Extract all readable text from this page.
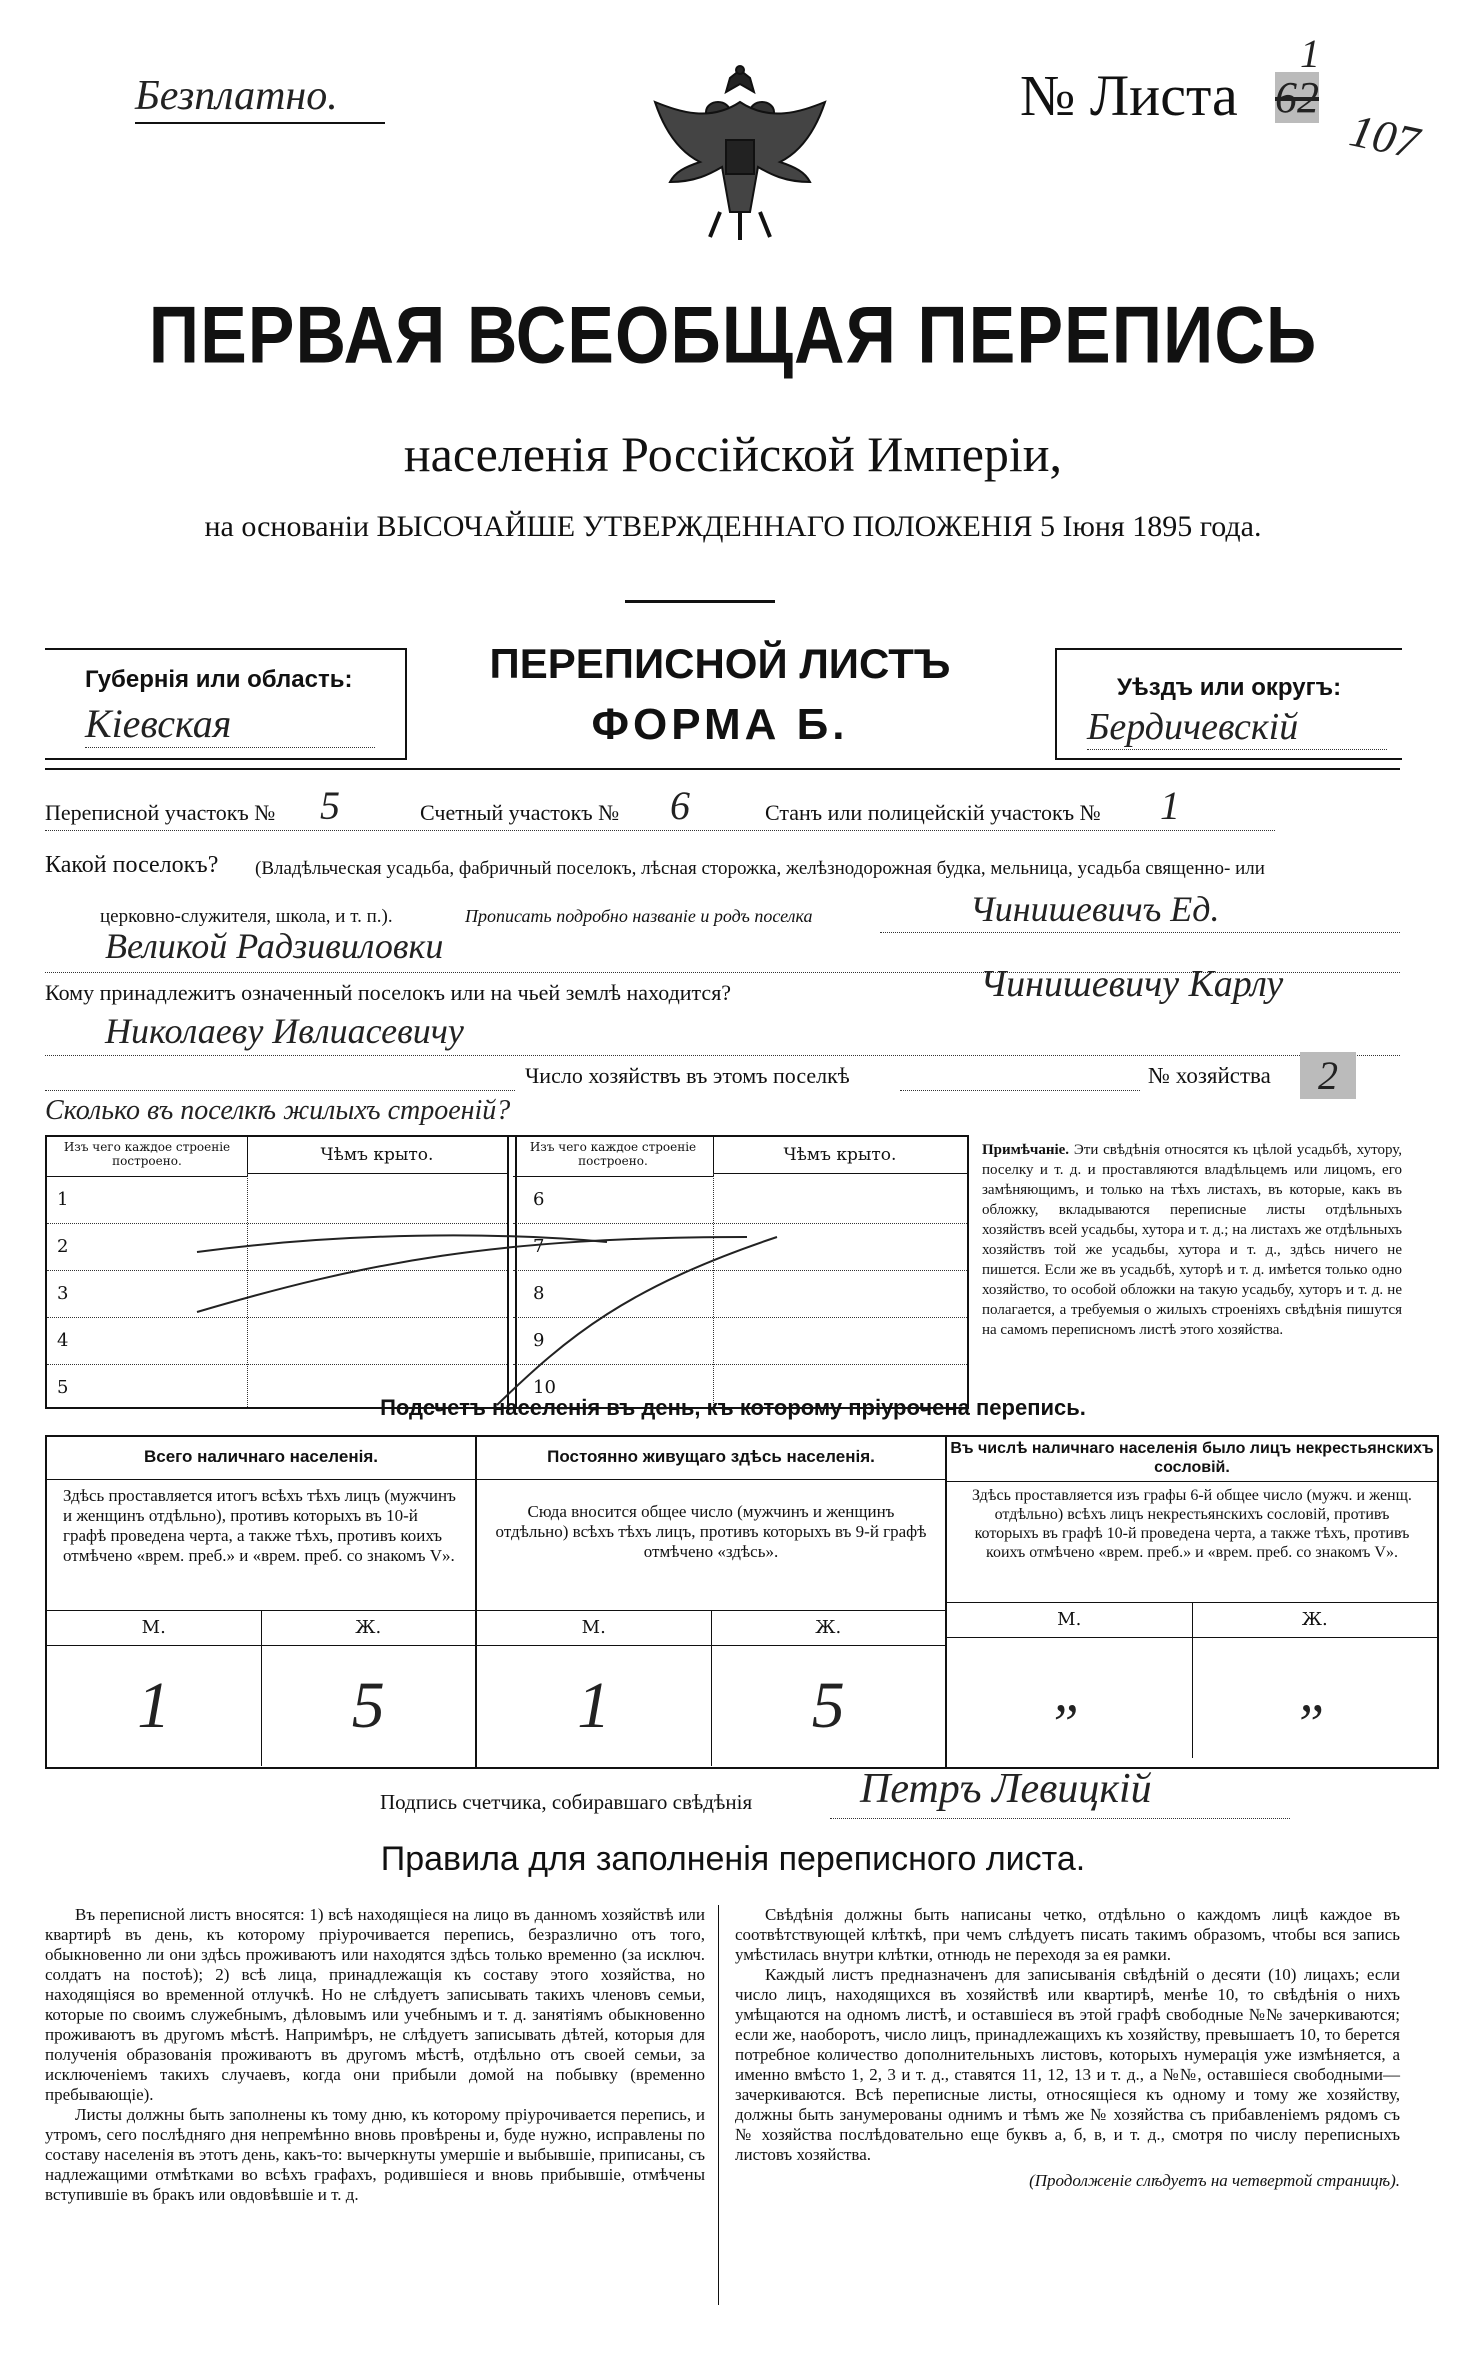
Безплатно.	№ Листа 62
107
1
ПЕРВАЯ ВСЕОБЩАЯ ПЕРЕПИСЬ
населенія Россійской Имперіи,
на основаніи ВЫСОЧАЙШЕ УТВЕРЖДЕННАГО ПОЛОЖЕНІЯ 5 Іюня 1895 года.
Губернія или область:
Кіевская
ПЕРЕПИСНОЙ ЛИСТЪ
ФОРМА Б.
Уѣздъ или округъ:
Бердичевскій
Переписной участокъ № 5	Счетный участокъ № 6	Станъ или полицейскій участокъ № 1
Какой поселокъ? (Владѣльческая усадьба, фабричный поселокъ, лѣсная сторожка, желѣзнодорожная будка, мельница, усадьба священно- или
церковно-служителя, школа, и т. п.).	Прописать подробно названіе и родъ поселка	Чинишевичъ Ед.
Великой Радзивиловки
Кому принадлежитъ означенный поселокъ или на чьей землѣ находится?	Чинишевичу Карлу
Николаеву Ивлиасевичу
Число хозяйствъ въ этомъ поселкѣ	№ хозяйства	2
Сколько въ поселкѣ жилыхъ строеній?
Изъ чего каждое строеніе построено.	Чѣмъ крыто.	Изъ чего каждое строеніе построено.	Чѣмъ крыто.
1
2
3
4
5
6
7
8
9
10
Примѣчаніе. Эти свѣдѣнія относятся къ цѣлой усадьбѣ, хутору, поселку и т. д. и проставляются владѣльцемъ или лицомъ, его замѣняющимъ, и только на тѣхъ листахъ, въ которые, какъ въ обложку, вкладываются переписные листы отдѣльныхъ хозяйствъ всей усадьбы, хутора и т. д.; на листахъ же отдѣльныхъ хозяйствъ той же усадьбы, хутора и т. д., здѣсь ничего не пишется. Если же въ усадьбѣ, хуторѣ и т. д. имѣется только одно хозяйство, то особой обложки на такую усадьбу, хуторъ и т. д. не полагается, а требуемыя о жилыхъ строеніяхъ свѣдѣнія пишутся на самомъ переписномъ листѣ этого хозяйства.
Подсчетъ населенія въ день, къ которому пріурочена перепись.
Всего наличнаго населенія.
Здѣсь проставляется итогъ всѣхъ тѣхъ лицъ (мужчинъ и женщинъ отдѣльно), противъ которыхъ въ 10-й графѣ проведена черта, а также тѣхъ, противъ коихъ отмѣчено «врем. преб.» и «врем. преб. со знакомъ V».
М.	Ж.
1	5
Постоянно живущаго здѣсь населенія.
Сюда вносится общее число (мужчинъ и женщинъ отдѣльно) всѣхъ тѣхъ лицъ, противъ которыхъ въ 9-й графѣ отмѣчено «здѣсь».
М.	Ж.
1	5
Въ числѣ наличнаго населенія было лицъ некрестьянскихъ сословій.
Здѣсь проставляется изъ графы 6-й общее число (мужч. и женщ. отдѣльно) всѣхъ лицъ некрестьянскихъ сословій, противъ которыхъ въ графѣ 10-й проведена черта, а также тѣхъ, противъ коихъ отмѣчено «врем. преб.» и «врем. преб. со знакомъ V».
М.	Ж.
„	„
Подпись счетчика, собиравшаго свѣдѣнія	Петръ Левицкій
Правила для заполненія переписного листа.

Въ переписной листъ вносятся: 1) всѣ находящіеся на лицо въ данномъ хозяйствѣ или квартирѣ въ день, къ которому пріурочивается перепись, безразлично отъ того, обыкновенно ли они здѣсь проживаютъ или находятся здѣсь только временно (за исключ. солдатъ на постоѣ); 2) всѣ лица, принадлежащія къ составу этого хозяйства, но находящіяся во временной отлучкѣ. Но не слѣдуетъ записывать такихъ членовъ семьи, которые по своимъ служебнымъ, дѣловымъ или учебнымъ и т. д. занятіямъ обыкновенно проживаютъ въ другомъ мѣстѣ. Напримѣръ, не слѣдуетъ записывать дѣтей, которыя для полученія образованія проживаютъ въ другомъ мѣстѣ, отдѣльно отъ своей семьи, за исключеніемъ такихъ случаевъ, когда они прибыли домой на побывку (временно пребывающіе).

Листы должны быть заполнены къ тому дню, къ которому пріурочивается перепись, и утромъ, сего послѣдняго дня непремѣнно вновь провѣрены и, буде нужно, исправлены по составу населенія въ этотъ день, какъ-то: вычеркнуты умершіе и выбывшіе, приписаны, съ надлежащими отмѣтками во всѣхъ графахъ, родившіеся и вновь прибывшіе, отмѣчены вступившіе въ бракъ или овдовѣвшіе и т. д.

Свѣдѣнія должны быть написаны четко, отдѣльно о каждомъ лицѣ каждое въ соотвѣтствующей клѣткѣ, при чемъ слѣдуетъ писать такимъ образомъ, чтобы вся запись умѣстилась внутри клѣтки, отнюдь не переходя за ея рамки.

Каждый листъ предназначенъ для записыванія свѣдѣній о десяти (10) лицахъ; если число лицъ, находящихся въ хозяйствѣ или квартирѣ, менѣе 10, то свѣдѣнія о нихъ умѣщаются на одномъ листѣ, и оставшіеся въ этой графѣ свободные №№ зачеркиваются; если же, наоборотъ, число лицъ, принадлежащихъ къ хозяйству, превышаетъ 10, то берется потребное количество дополнительныхъ листовъ, которыхъ нумерація уже измѣняется, а именно вмѣсто 1, 2, 3 и т. д., ставятся 11, 12, 13 и т. д., а №№, оставшіеся свободными—зачеркиваются. Всѣ переписные листы, относящіеся къ одному и тому же хозяйству, должны быть занумерованы однимъ и тѣмъ же № хозяйства съ прибавленіемъ рядомъ съ № хозяйства послѣдовательно еще буквъ а, б, в, и т. д., смотря по числу переписныхъ листовъ хозяйства.

(Продолженіе слѣдуетъ на четвертой страницѣ).
